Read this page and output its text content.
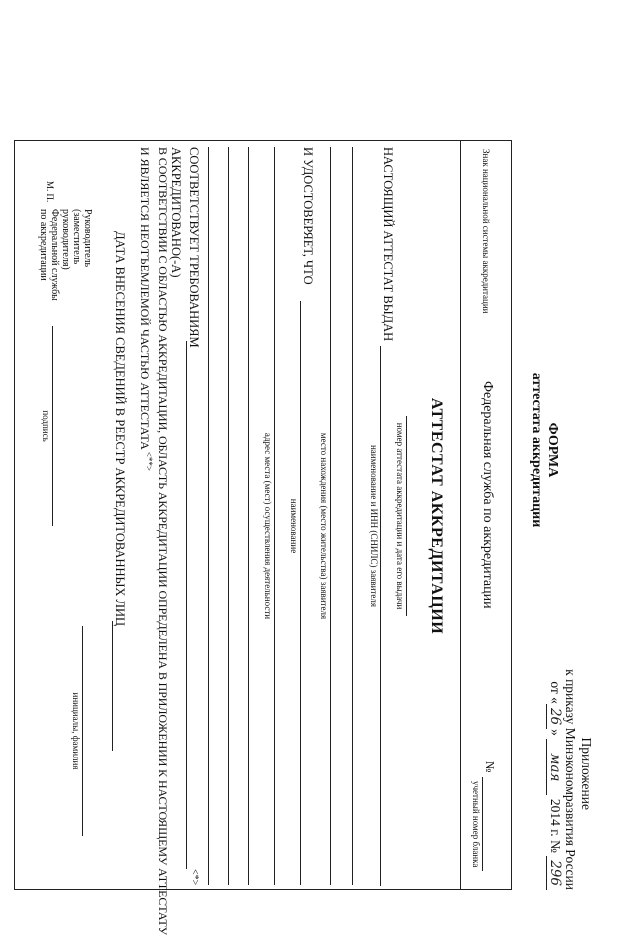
Приложение
к приказу Минэкономразвития России
от «26» мая 2014 г. № 296
ФОРМА
аттестата аккредитации
Знак национальной системы аккредитации
Федеральная служба по аккредитации
№
учетный номер бланка
АТТЕСТАТ АККРЕДИТАЦИИ
номер аттестата аккредитации и дата его выдачи
НАСТОЯЩИЙ АТТЕСТАТ ВЫДАН
наименование и ИНН (СНИЛС) заявителя
место нахождения (место жительства) заявителя
И УДОСТОВЕРЯЕТ, ЧТО
наименование
адрес места (мест) осуществления деятельности
СООТВЕТСТВУЕТ ТРЕБОВАНИЯМ
<*>
АККРЕДИТОВАНО(-А)
В СООТВЕТСТВИИ С ОБЛАСТЬЮ АККРЕДИТАЦИИ, ОБЛАСТЬ АККРЕДИТАЦИИ ОПРЕДЕЛЕНА В ПРИЛОЖЕНИИ К НАСТОЯЩЕМУ АТТЕСТАТУ
И ЯВЛЯЕТСЯ НЕОТЪЕМЛЕМОЙ ЧАСТЬЮ АТТЕСТАТА<**>
ДАТА ВНЕСЕНИЯ СВЕДЕНИЙ В РЕЕСТР АККРЕДИТОВАННЫХ ЛИЦ
М. П.
Руководитель
(заместитель
руководителя)
Федеральной службы
по аккредитации
подпись
инициалы, фамилия
